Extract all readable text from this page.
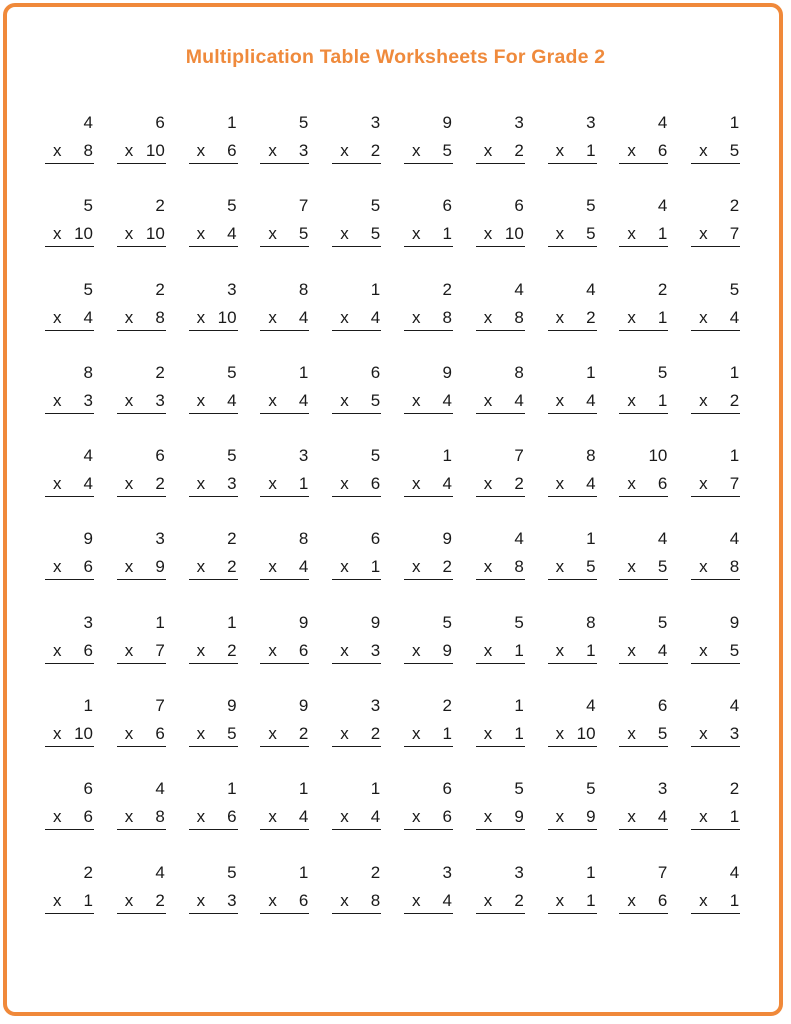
Multiplication Table Worksheets For Grade 2
4
x 8
6
x 10
1
x 6
5
x 3
3
x 2
9
x 5
3
x 2
3
x 1
4
x 6
1
x 5
5
x 10
2
x 10
5
x 4
7
x 5
5
x 5
6
x 1
6
x 10
5
x 5
4
x 1
2
x 7
5
x 4
2
x 8
3
x 10
8
x 4
1
x 4
2
x 8
4
x 8
4
x 2
2
x 1
5
x 4
8
x 3
2
x 3
5
x 4
1
x 4
6
x 5
9
x 4
8
x 4
1
x 4
5
x 1
1
x 2
4
x 4
6
x 2
5
x 3
3
x 1
5
x 6
1
x 4
7
x 2
8
x 4
10
x 6
1
x 7
9
x 6
3
x 9
2
x 2
8
x 4
6
x 1
9
x 2
4
x 8
1
x 5
4
x 5
4
x 8
3
x 6
1
x 7
1
x 2
9
x 6
9
x 3
5
x 9
5
x 1
8
x 1
5
x 4
9
x 5
1
x 10
7
x 6
9
x 5
9
x 2
3
x 2
2
x 1
1
x 1
4
x 10
6
x 5
4
x 3
6
x 6
4
x 8
1
x 6
1
x 4
1
x 4
6
x 6
5
x 9
5
x 9
3
x 4
2
x 1
2
x 1
4
x 2
5
x 3
1
x 6
2
x 8
3
x 4
3
x 2
1
x 1
7
x 6
4
x 1
